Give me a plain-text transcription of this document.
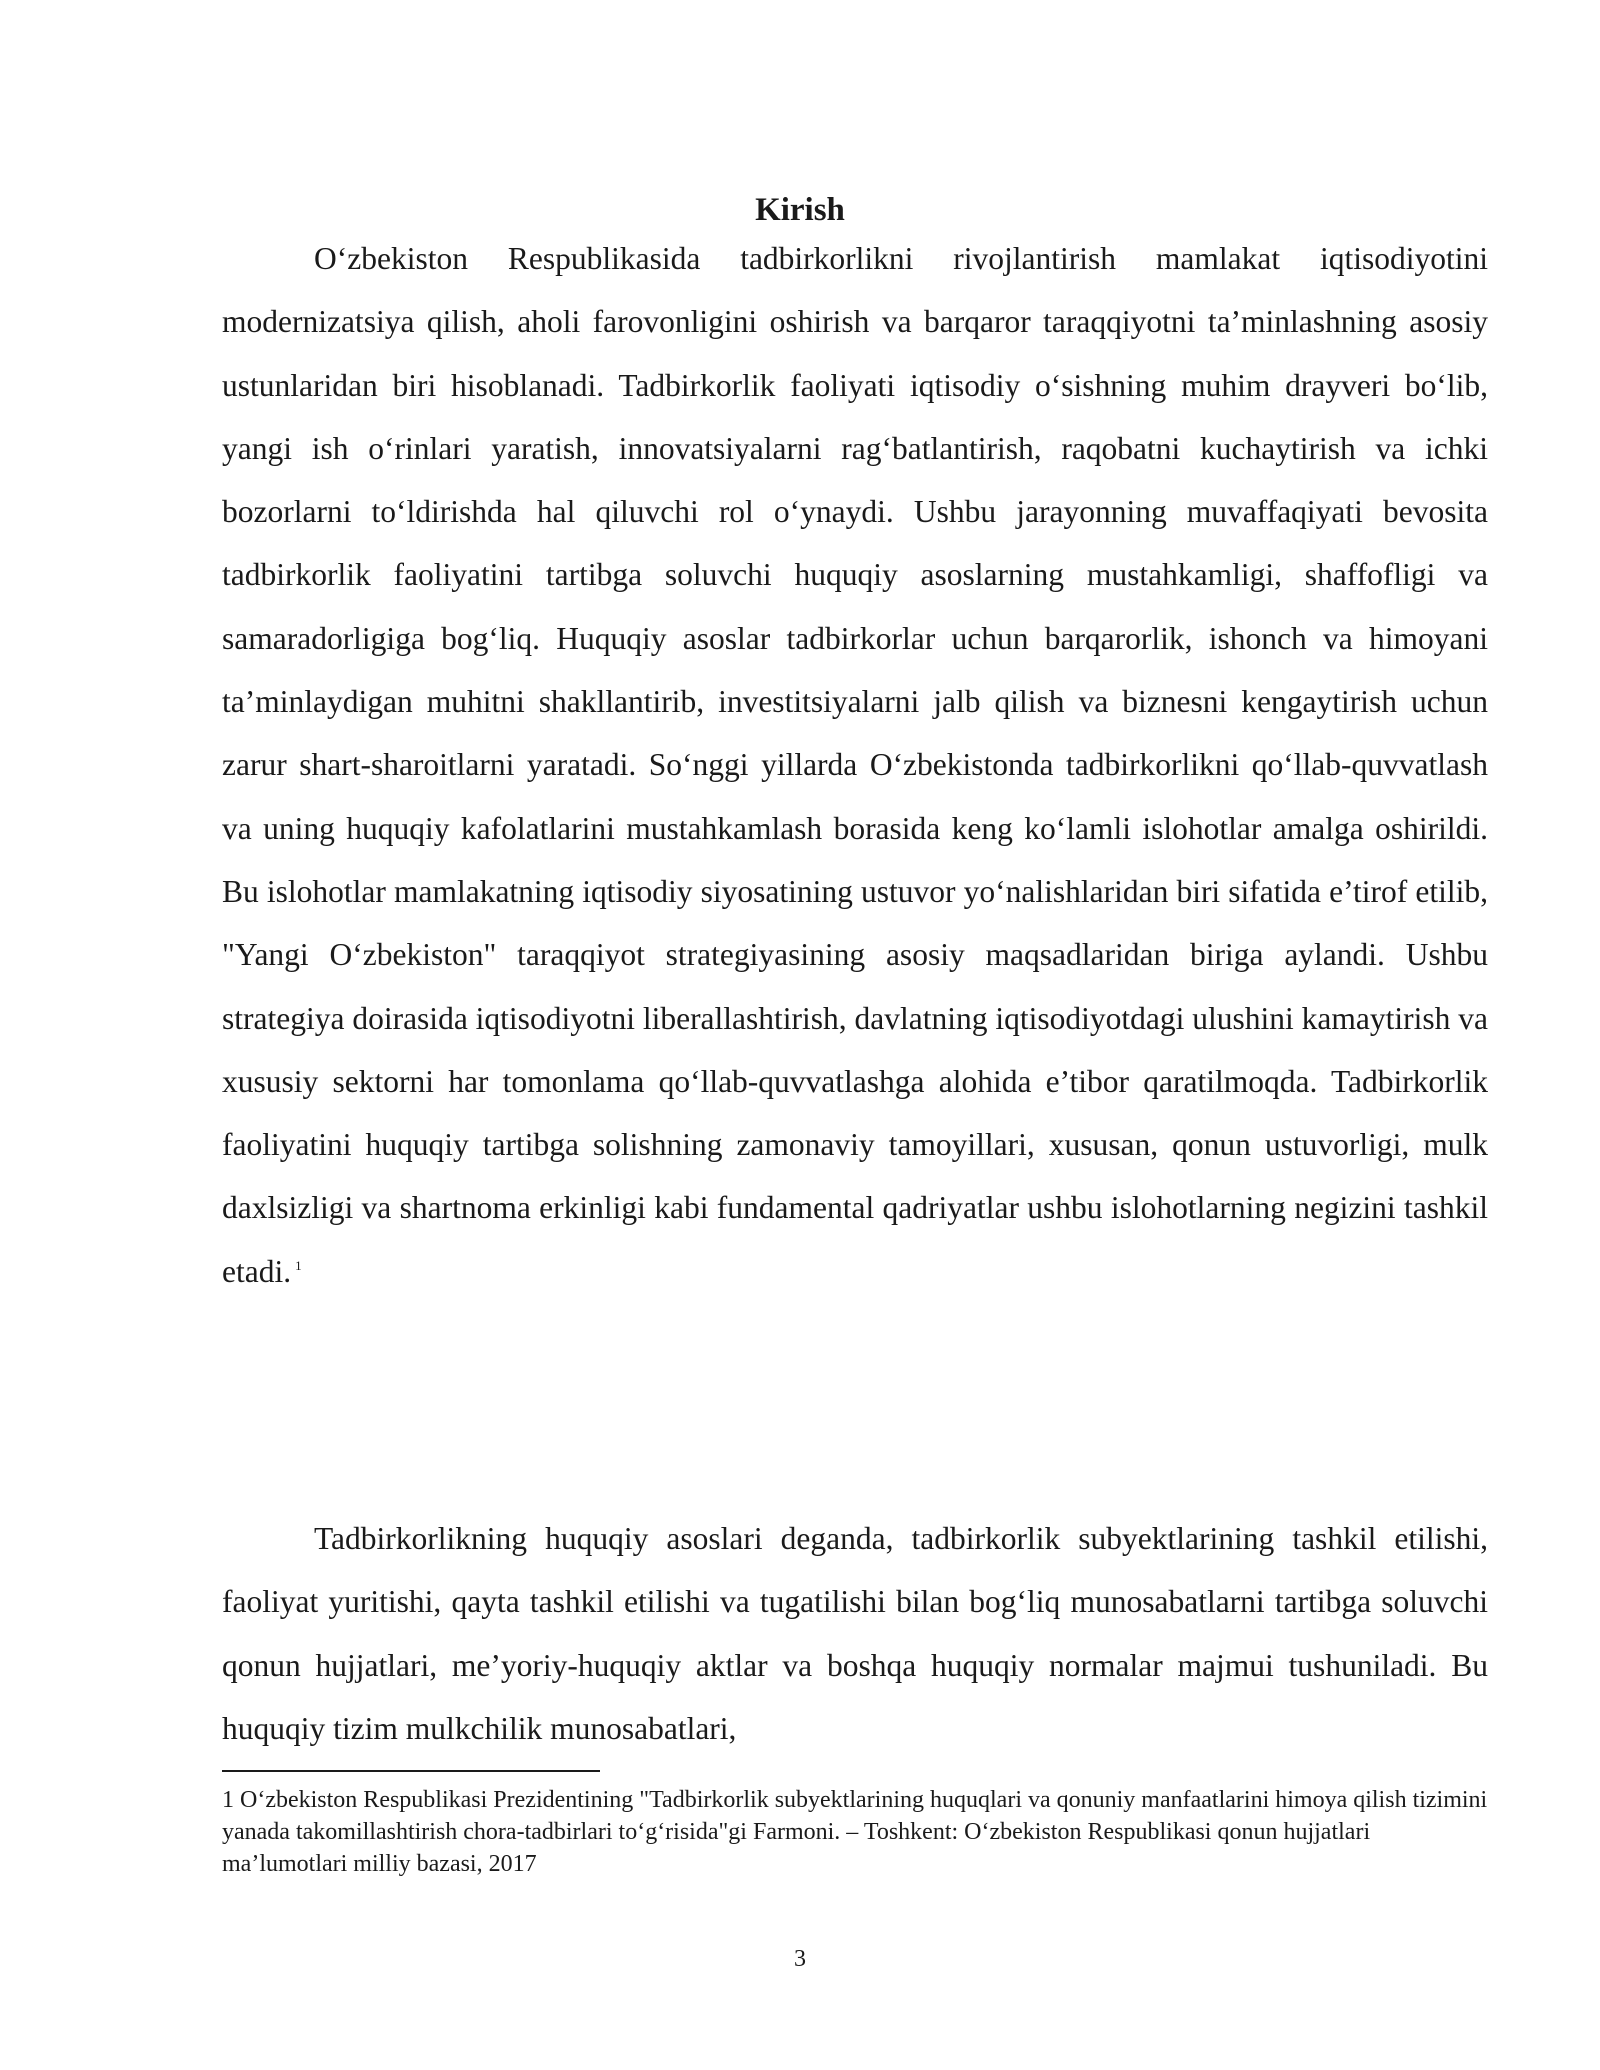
Kirish

O‘zbekiston Respublikasida tadbirkorlikni rivojlantirish mamlakat iqtisodiyotini modernizatsiya qilish, aholi farovonligini oshirish va barqaror taraqqiyotni ta’minlashning asosiy ustunlaridan biri hisoblanadi. Tadbirkorlik faoliyati iqtisodiy o‘sishning muhim drayveri bo‘lib, yangi ish o‘rinlari yaratish, innovatsiyalarni rag‘batlantirish, raqobatni kuchaytirish va ichki bozorlarni to‘ldirishda hal qiluvchi rol o‘ynaydi. Ushbu jarayonning muvaffaqiyati bevosita tadbirkorlik faoliyatini tartibga soluvchi huquqiy asoslarning mustahkamligi, shaffofligi va samaradorligiga bog‘liq. Huquqiy asoslar tadbirkorlar uchun barqarorlik, ishonch va himoyani ta’minlaydigan muhitni shakllantirib, investitsiyalarni jalb qilish va biznesni kengaytirish uchun zarur shart-sharoitlarni yaratadi. So‘nggi yillarda O‘zbekistonda tadbirkorlikni qo‘llab-quvvatlash va uning huquqiy kafolatlarini mustahkamlash borasida keng ko‘lamli islohotlar amalga oshirildi. Bu islohotlar mamlakatning iqtisodiy siyosatining ustuvor yo‘nalishlaridan biri sifatida e’tirof etilib, "Yangi O‘zbekiston" taraqqiyot strategiyasining asosiy maqsadlaridan biriga aylandi. Ushbu strategiya doirasida iqtisodiyotni liberallashtirish, davlatning iqtisodiyotdagi ulushini kamaytirish va xususiy sektorni har tomonlama qo‘llab-quvvatlashga alohida e’tibor qaratilmoqda. Tadbirkorlik faoliyatini huquqiy tartibga solishning zamonaviy tamoyillari, xususan, qonun ustuvorligi, mulk daxlsizligi va shartnoma erkinligi kabi fundamental qadriyatlar ushbu islohotlarning negizini tashkil etadi. $^1$

Tadbirkorlikning huquqiy asoslari deganda, tadbirkorlik subyektlarining tashkil etilishi, faoliyat yuritishi, qayta tashkil etilishi va tugatilishi bilan bog‘liq munosabatlarni tartibga soluvchi qonun hujjatlari, me’yoriy-huquqiy aktlar va boshqa huquqiy normalar majmui tushuniladi. Bu huquqiy tizim mulkchilik munosabatlari,

1 O‘zbekiston Respublikasi Prezidentining "Tadbirkorlik subyektlarining huquqlari va qonuniy manfaatlarini himoya qilish tizimini yanada takomillashtirish chora-tadbirlari to‘g‘risida"gi Farmoni. – Toshkent: O‘zbekiston Respublikasi qonun hujjatlari ma’lumotlari milliy bazasi, 2017
3
